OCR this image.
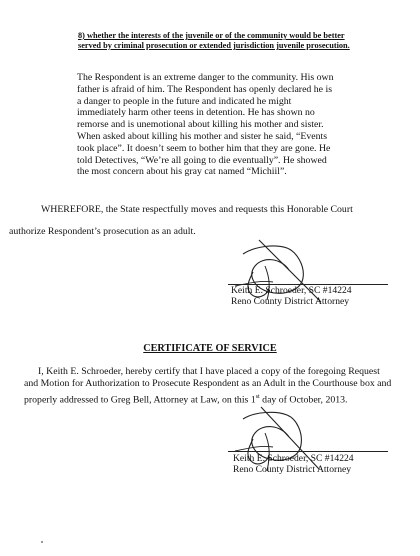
8) whether the interests of the juvenile or of the community would be better served by criminal prosecution or extended jurisdiction juvenile prosecution.
The Respondent is an extreme danger to the community. His own father is afraid of him. The Respondent has openly declared he is a danger to people in the future and indicated he might immediately harm other teens in detention. He has shown no remorse and is unemotional about killing his mother and sister. When asked about killing his mother and sister he said, “Events took place”. It doesn’t seem to bother him that they are gone. He told Detectives, “We’re all going to die eventually”. He showed the most concern about his gray cat named “Michiil”.
WHEREFORE, the State respectfully moves and requests this Honorable Court
authorize Respondent’s prosecution as an adult.
Keith E. Schroeder, SC #14224
Reno County District Attorney
CERTIFICATE OF SERVICE
I, Keith E. Schroeder, hereby certify that I have placed a copy of the foregoing Request and Motion for Authorization to Prosecute Respondent as an Adult in the Courthouse box and properly addressed to Greg Bell, Attorney at Law, on this 1st day of October, 2013.
Keith E. Schroeder, SC #14224
Reno County District Attorney
